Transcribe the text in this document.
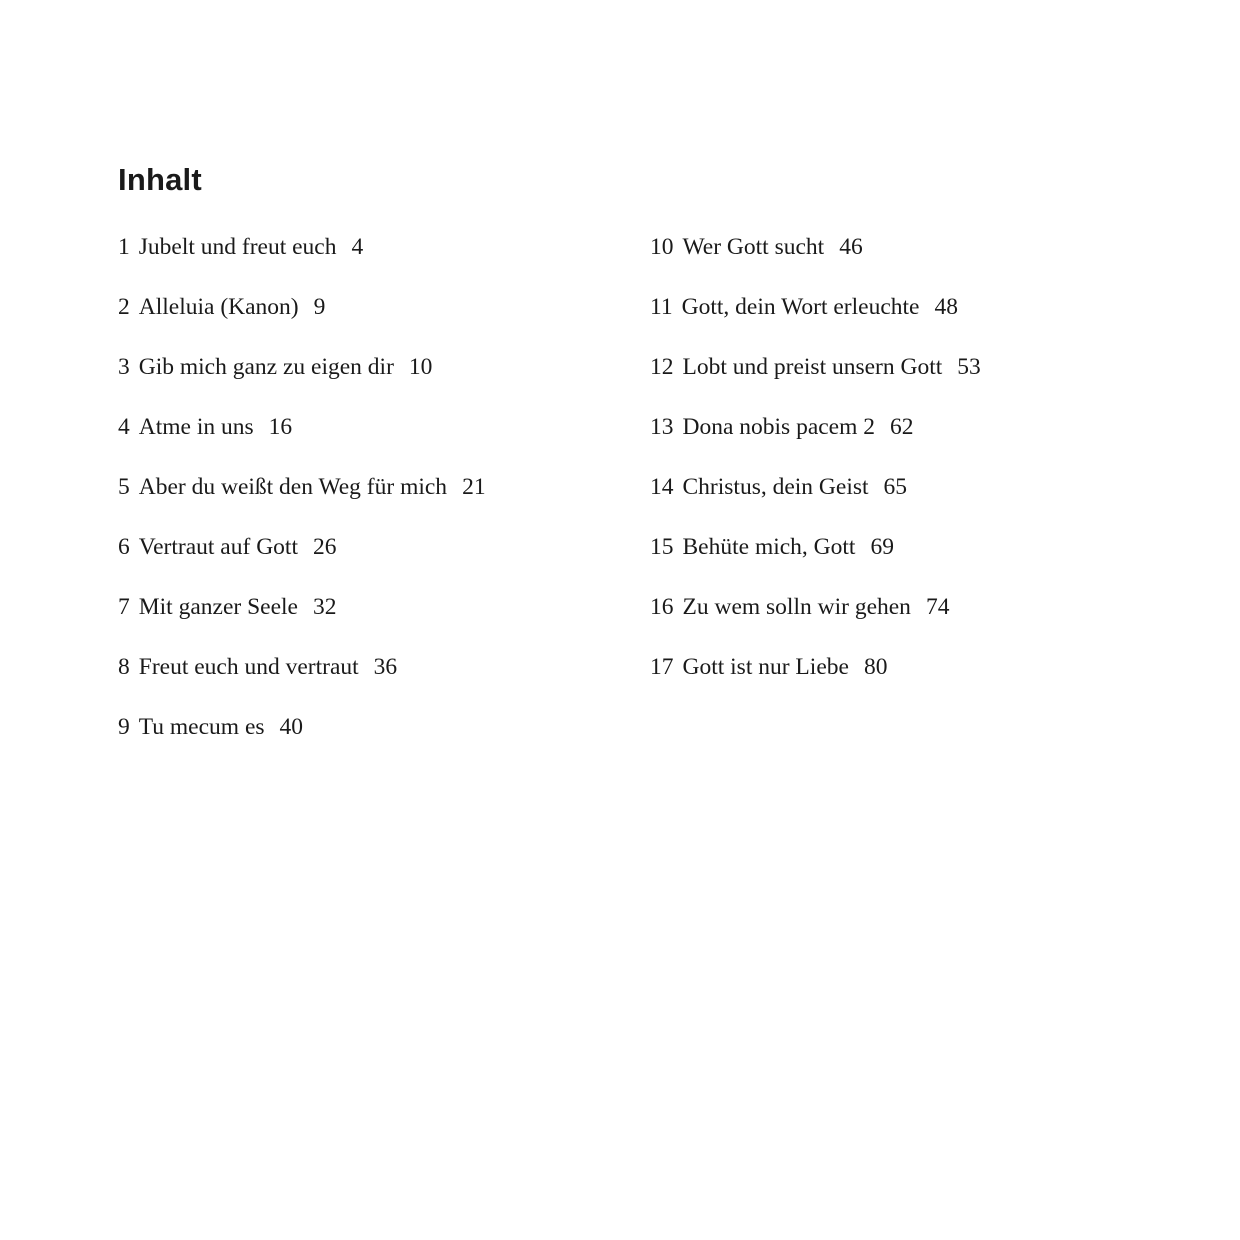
Inhalt
1 Jubelt und freut euch 4
2 Alleluia (Kanon) 9
3 Gib mich ganz zu eigen dir 10
4 Atme in uns 16
5 Aber du weißt den Weg für mich 21
6 Vertraut auf Gott 26
7 Mit ganzer Seele 32
8 Freut euch und vertraut 36
9 Tu mecum es 40
10 Wer Gott sucht 46
11 Gott, dein Wort erleuchte 48
12 Lobt und preist unsern Gott 53
13 Dona nobis pacem 2 62
14 Christus, dein Geist 65
15 Behüte mich, Gott 69
16 Zu wem solln wir gehen 74
17 Gott ist nur Liebe 80
